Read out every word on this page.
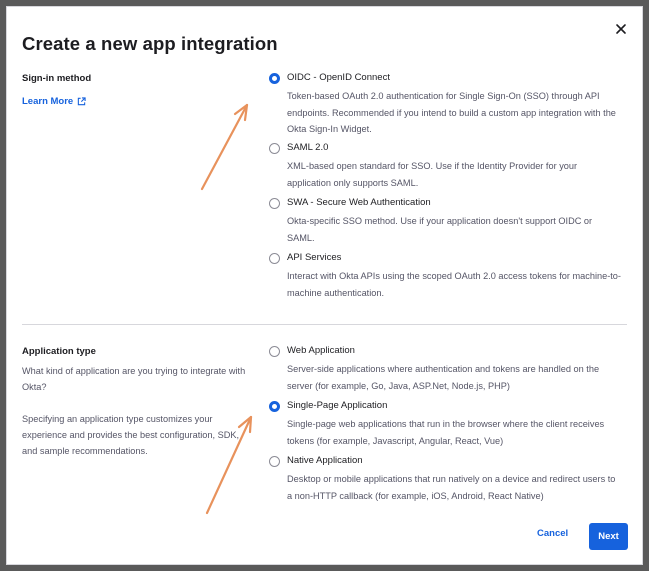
Create a new app integration
Sign-in method
Learn More
OIDC - OpenID Connect
Token-based OAuth 2.0 authentication for Single Sign-On (SSO) through API endpoints. Recommended if you intend to build a custom app integration with the Okta Sign-In Widget.
SAML 2.0
XML-based open standard for SSO. Use if the Identity Provider for your application only supports SAML.
SWA - Secure Web Authentication
Okta-specific SSO method. Use if your application doesn't support OIDC or SAML.
API Services
Interact with Okta APIs using the scoped OAuth 2.0 access tokens for machine-to-machine authentication.
Application type
What kind of application are you trying to integrate with Okta?
Specifying an application type customizes your experience and provides the best configuration, SDK, and sample recommendations.
Web Application
Server-side applications where authentication and tokens are handled on the server (for example, Go, Java, ASP.Net, Node.js, PHP)
Single-Page Application
Single-page web applications that run in the browser where the client receives tokens (for example, Javascript, Angular, React, Vue)
Native Application
Desktop or mobile applications that run natively on a device and redirect users to a non-HTTP callback (for example, iOS, Android, React Native)
Cancel	Next
